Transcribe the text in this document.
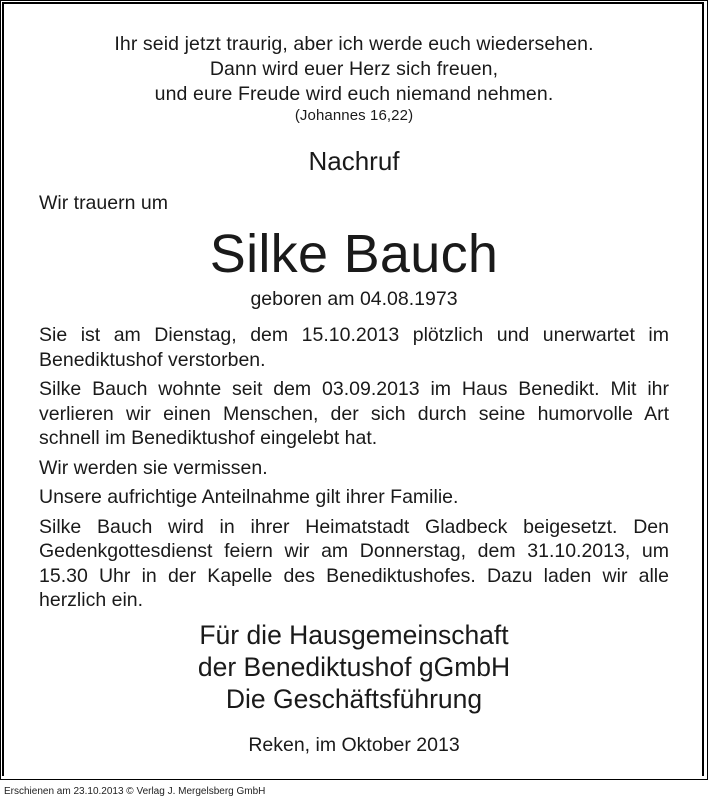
Ihr seid jetzt traurig, aber ich werde euch wiedersehen.
Dann wird euer Herz sich freuen,
und eure Freude wird euch niemand nehmen.
(Johannes 16,22)
Nachruf
Wir trauern um
Silke Bauch
geboren am 04.08.1973

Sie ist am Dienstag, dem 15.10.2013 plötzlich und unerwartet im Benediktushof verstorben.

Silke Bauch wohnte seit dem 03.09.2013 im Haus Benedikt. Mit ihr verlieren wir einen Menschen, der sich durch seine humorvolle Art schnell im Benediktushof eingelebt hat.

Wir werden sie vermissen.

Unsere aufrichtige Anteilnahme gilt ihrer Familie.

Silke Bauch wird in ihrer Heimatstadt Gladbeck beigesetzt. Den Gedenkgottesdienst feiern wir am Donnerstag, dem 31.10.2013, um 15.30 Uhr in der Kapelle des Benediktushofes. Dazu laden wir alle herzlich ein.

Für die Hausgemeinschaft
der Benediktushof gGmbH
Die Geschäftsführung
Reken, im Oktober 2013
Erschienen am 23.10.2013 © Verlag J. Mergelsberg GmbH
